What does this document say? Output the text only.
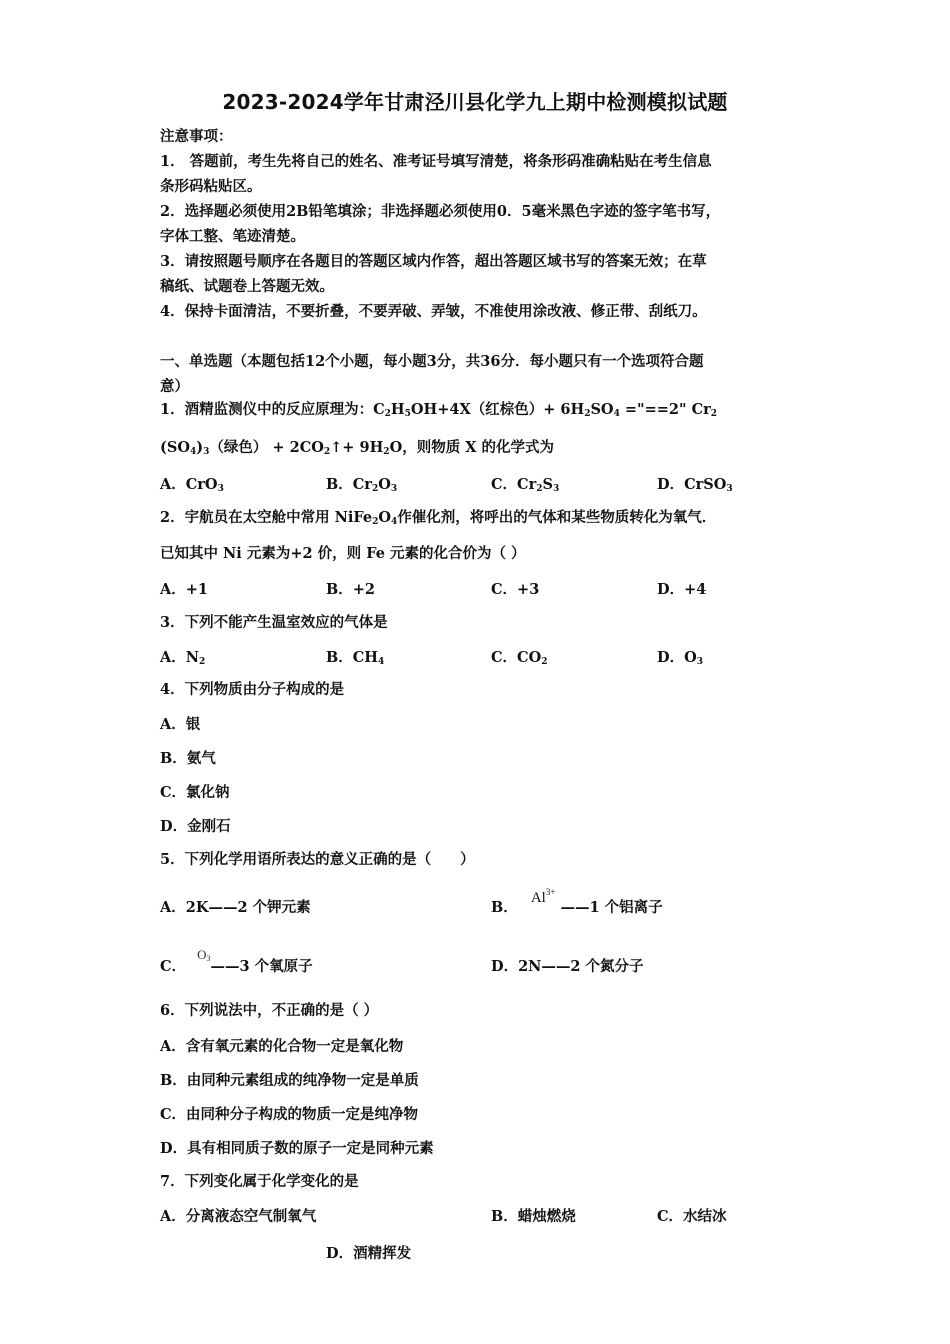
2023-2024学年甘肃泾川县化学九上期中检测模拟试题
注意事项：
1． 答题前，考生先将自己的姓名、准考证号填写清楚，将条形码准确粘贴在考生信息
条形码粘贴区。
2．选择题必须使用2B铅笔填涂；非选择题必须使用0．5毫米黑色字迹的签字笔书写，
字体工整、笔迹清楚。
3．请按照题号顺序在各题目的答题区域内作答，超出答题区域书写的答案无效；在草
稿纸、试题卷上答题无效。
4．保持卡面清洁，不要折叠，不要弄破、弄皱，不准使用涂改液、修正带、刮纸刀。
一、单选题（本题包括12个小题，每小题3分，共36分．每小题只有一个选项符合题
意）
1．酒精监测仪中的反应原理为：$C_2H_5OH+4X$（红棕色）+ $6H_2SO_4$ ="==2" $Cr_2$
$(SO_4)_3$（绿色） + $2CO_2↑+ 9H_2O$，则物质 X 的化学式为
A．CrO$_3$	B．$Cr_2O_3$	C．$Cr_2S_3$	D．CrSO$_3$
2．宇航员在太空舱中常用 $NiFe_2O_4$作催化剂，将呼出的气体和某些物质转化为氧气．
已知其中 Ni 元素为+2 价，则 Fe 元素的化合价为（ ）
A．+1	B．+2	C．+3	D．+4
3．下列不能产生温室效应的气体是
A．$N_2$	B．$CH_4$	C．$CO_2$	D．$O_3$
4．下列物质由分子构成的是
A．银
B．氨气
C．氯化钠
D．金刚石
5．下列化学用语所表达的意义正确的是（　　）
A．2K——2 个钾元素	B． $Al^{3+}$ ——1 个铝离子
C． $O_3——3$ 个氧原子	D．2N——2 个氮分子
6．下列说法中，不正确的是（ ）
A．含有氧元素的化合物一定是氧化物
B．由同种元素组成的纯净物一定是单质
C．由同种分子构成的物质一定是纯净物
D．具有相同质子数的原子一定是同种元素
7．下列变化属于化学变化的是
A．分离液态空气制氧气	B．蜡烛燃烧	C．水结冰
D．酒精挥发
